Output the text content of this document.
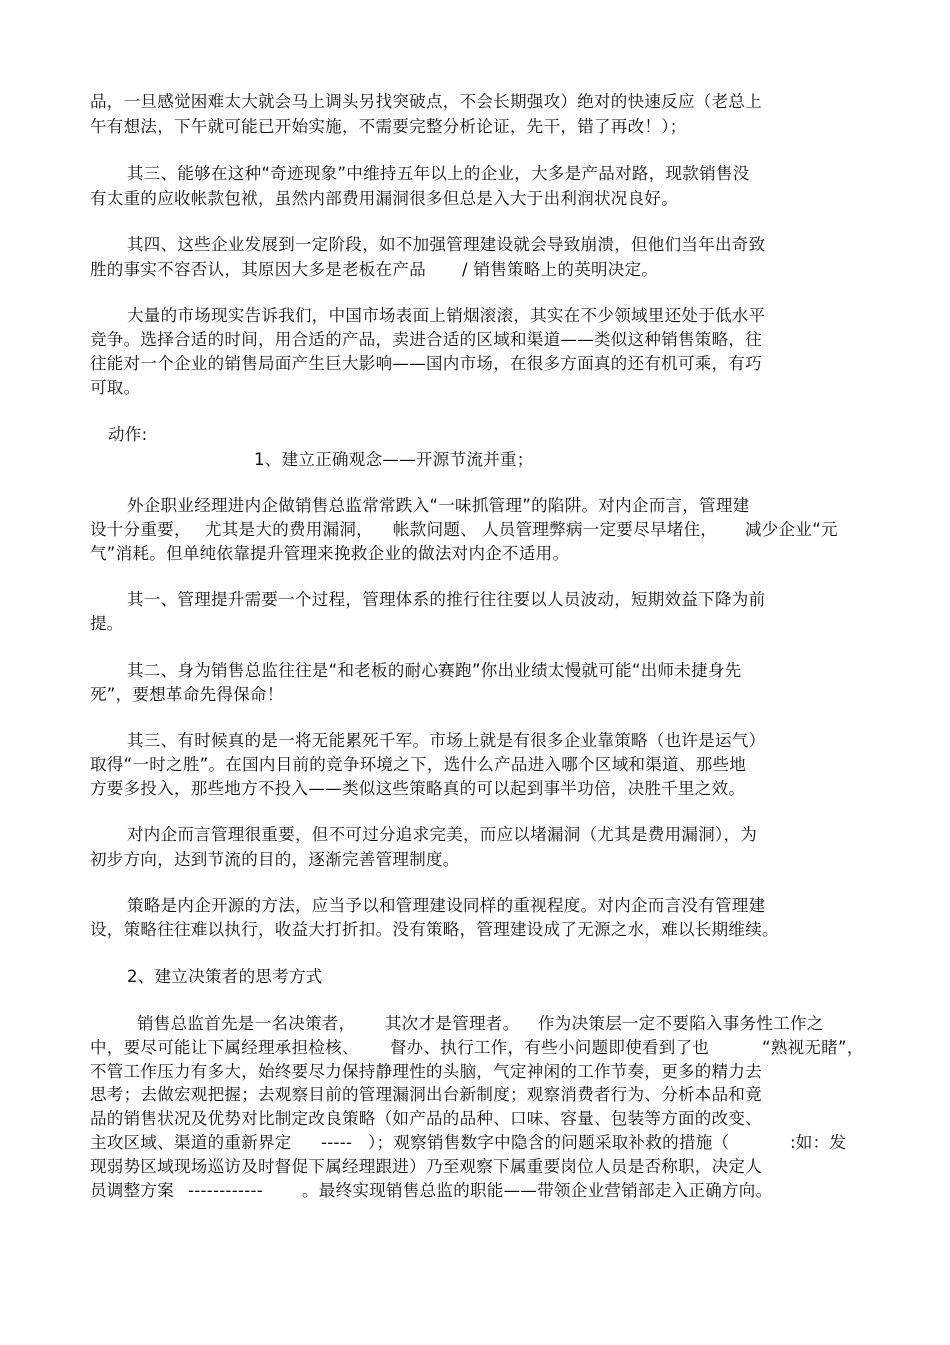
品，一旦感觉困难太大就会马上调头另找突破点，不会长期强攻）绝对的快速反应（老总上
午有想法，下午就可能已开始实施，不需要完整分析论证，先干，错了再改！）；
其三、能够在这种“奇迹现象”中维持五年以上的企业，大多是产品对路，现款销售没
有太重的应收帐款包袱，虽然内部费用漏洞很多但总是入大于出利润状况良好。
其四、这些企业发展到一定阶段，如不加强管理建设就会导致崩溃，但他们当年出奇致
胜的事实不容否认，其原因大多是老板在产品 / 销售策略上的英明决定。
大量的市场现实告诉我们，中国市场表面上销烟滚滚，其实在不少领域里还处于低水平
竞争。选择合适的时间，用合适的产品，卖进合适的区域和渠道——类似这种销售策略，往
往能对一个企业的销售局面产生巨大影响——国内市场，在很多方面真的还有机可乘，有巧
可取。
动作:
1、建立正确观念——开源节流并重；
外企职业经理进内企做销售总监常常跌入“一味抓管理”的陷阱。对内企而言，管理建
设十分重要， 尤其是大的费用漏洞， 帐款问题、 人员管理弊病一定要尽早堵住， 减少企业“元
气”消耗。但单纯依靠提升管理来挽救企业的做法对内企不适用。
其一、管理提升需要一个过程，管理体系的推行往往要以人员波动，短期效益下降为前
提。
其二、身为销售总监往往是“和老板的耐心赛跑”你出业绩太慢就可能“出师未捷身先
死”，要想革命先得保命！
其三、有时候真的是一将无能累死千军。市场上就是有很多企业靠策略（也许是运气）
取得“一时之胜”。在国内目前的竞争环境之下，选什么产品进入哪个区域和渠道、那些地
方要多投入，那些地方不投入——类似这些策略真的可以起到事半功倍，决胜千里之效。
对内企而言管理很重要，但不可过分追求完美，而应以堵漏洞（尤其是费用漏洞），为
初步方向，达到节流的目的，逐渐完善管理制度。
策略是内企开源的方法，应当予以和管理建设同样的重视程度。对内企而言没有管理建
设，策略往往难以执行，收益大打折扣。没有策略，管理建设成了无源之水，难以长期维续。
2、建立决策者的思考方式
销售总监首先是一名决策者， 其次才是管理者。 作为决策层一定不要陷入事务性工作之
中，要尽可能让下属经理承担检核、 督办、执行工作，有些小问题即使看到了也	“熟视无睹”，
不管工作压力有多大，始终要尽力保持静理性的头脑，气定神闲的工作节奏，更多的精力去
思考；去做宏观把握；去观察目前的管理漏洞出台新制度；观察消费者行为、分析本品和竟
品的销售状况及优势对比制定改良策略（如产品的品种、口味、容量、包装等方面的改变、
主攻区域、渠道的重新界定 ----- ）；观察销售数字中隐含的问题采取补救的措施（	:如：发
现弱势区域现场巡访及时督促下属经理跟进）乃至观察下属重要岗位人员是否称职，决定人
员调整方案 ------------ 。最终实现销售总监的职能——带领企业营销部走入正确方向。
